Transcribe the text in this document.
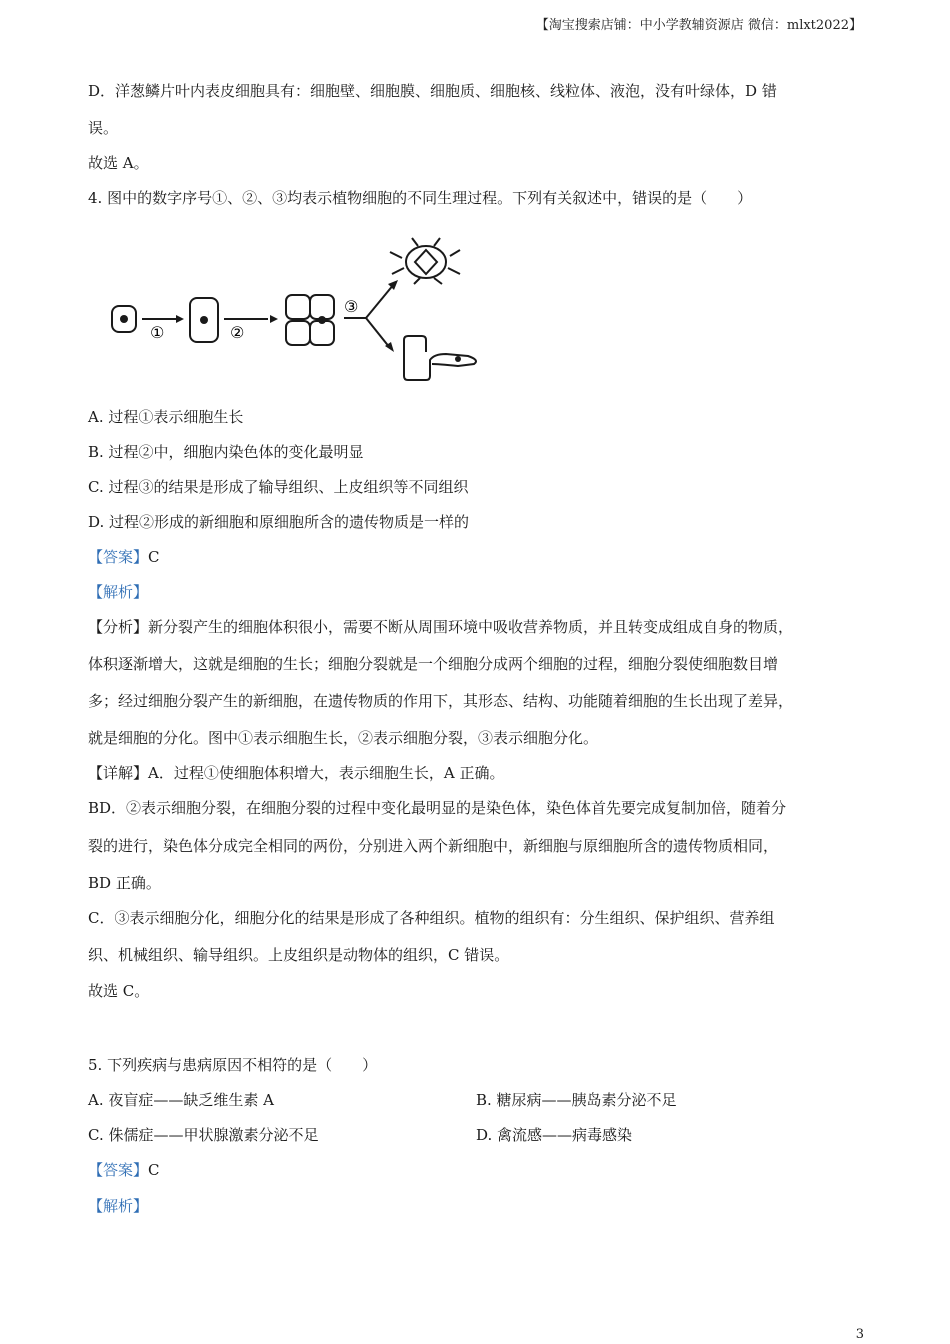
【淘宝搜索店铺：中小学教辅资源店 微信：mlxt2022】
D．洋葱鳞片叶内表皮细胞具有：细胞壁、细胞膜、细胞质、细胞核、线粒体、液泡，没有叶绿体，D 错
误。
故选 A。
4. 图中的数字序号①、②、③均表示植物细胞的不同生理过程。下列有关叙述中，错误的是（　　）
①	②
③
A. 过程①表示细胞生长
B. 过程②中，细胞内染色体的变化最明显
C. 过程③的结果是形成了输导组织、上皮组织等不同组织
D. 过程②形成的新细胞和原细胞所含的遗传物质是一样的
【答案】C
【解析】
【分析】新分裂产生的细胞体积很小，需要不断从周围环境中吸收营养物质，并且转变成组成自身的物质，
体积逐渐增大，这就是细胞的生长；细胞分裂就是一个细胞分成两个细胞的过程，细胞分裂使细胞数目增
多；经过细胞分裂产生的新细胞，在遗传物质的作用下，其形态、结构、功能随着细胞的生长出现了差异，
就是细胞的分化。图中①表示细胞生长，②表示细胞分裂，③表示细胞分化。
【详解】A．过程①使细胞体积增大，表示细胞生长，A 正确。
BD．②表示细胞分裂，在细胞分裂的过程中变化最明显的是染色体，染色体首先要完成复制加倍，随着分
裂的进行，染色体分成完全相同的两份，分别进入两个新细胞中，新细胞与原细胞所含的遗传物质相同，
BD 正确。
C．③表示细胞分化，细胞分化的结果是形成了各种组织。植物的组织有：分生组织、保护组织、营养组
织、机械组织、输导组织。上皮组织是动物体的组织，C 错误。
故选 C。
5. 下列疾病与患病原因不相符的是（　　）
A. 夜盲症——缺乏维生素 A	B. 糖尿病——胰岛素分泌不足
C. 侏儒症——甲状腺激素分泌不足	D. 禽流感——病毒感染
【答案】C
【解析】
3
